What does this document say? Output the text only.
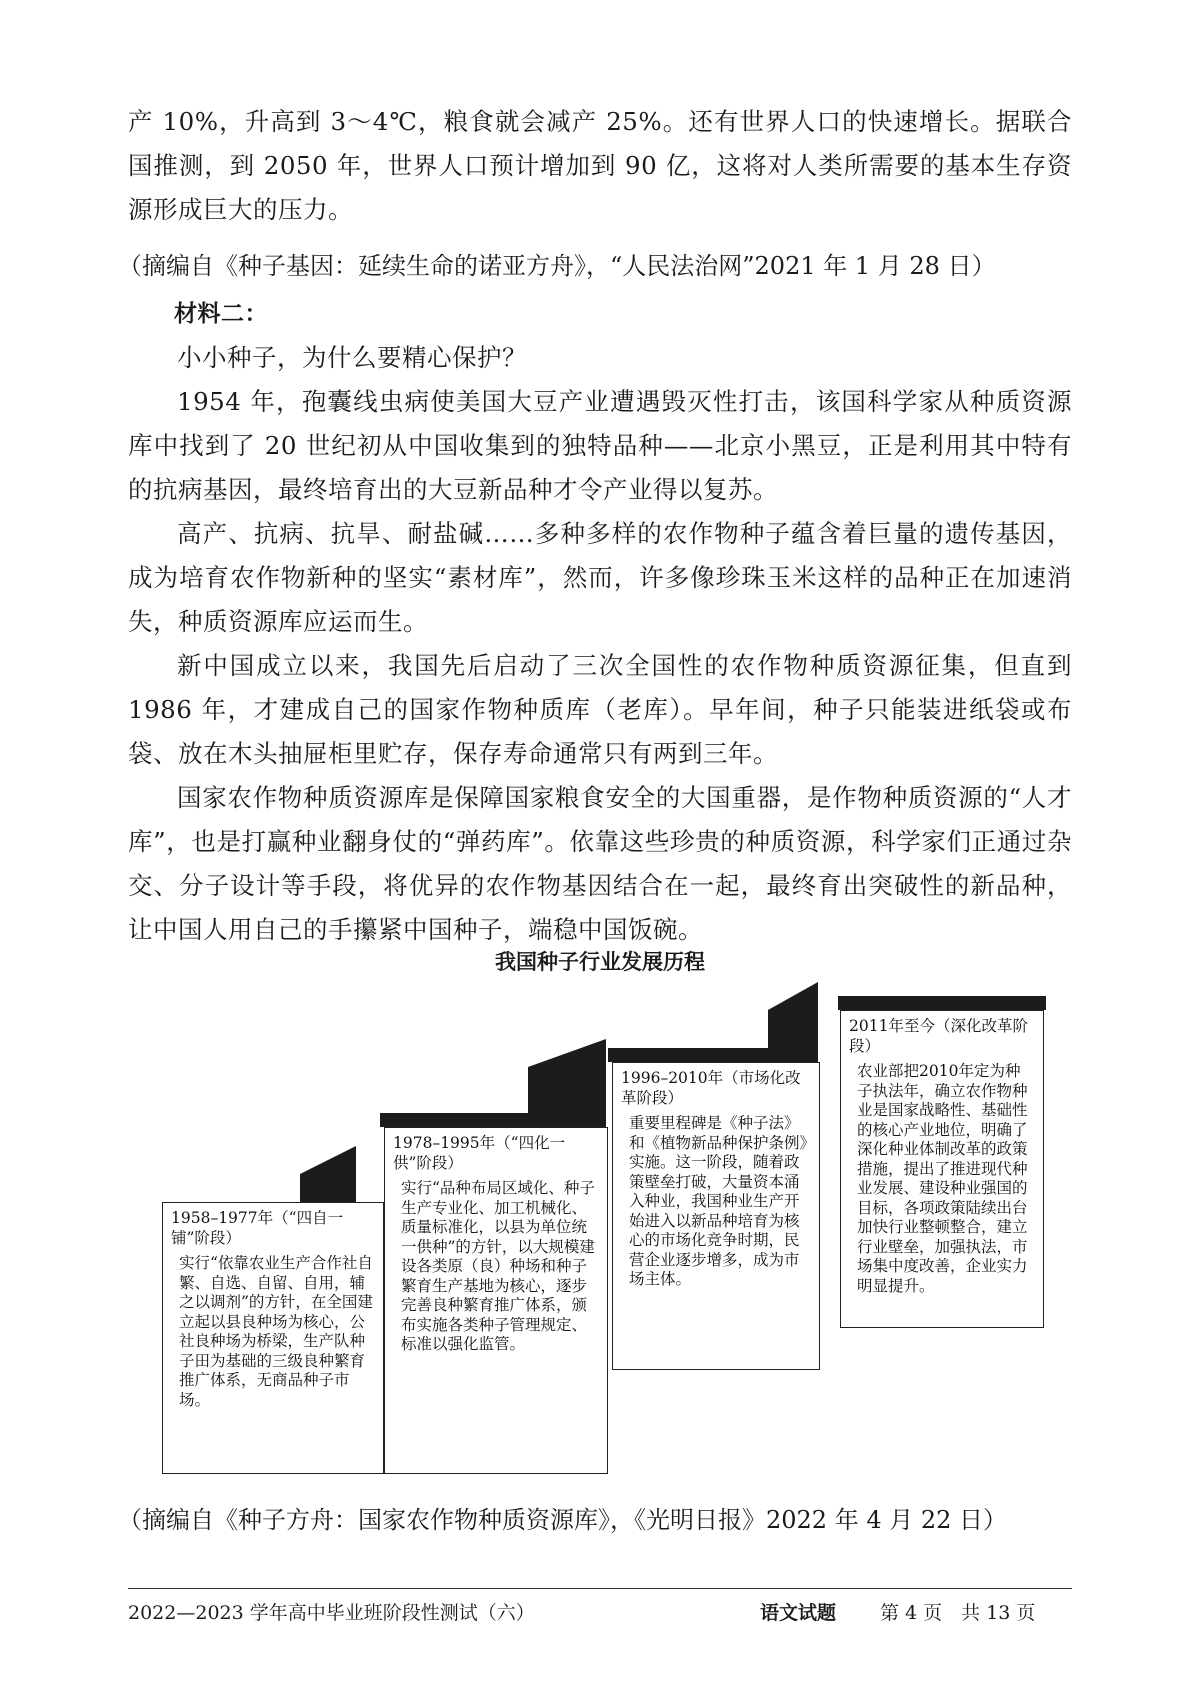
产 10%，升高到 3～4℃，粮食就会减产 25%。还有世界人口的快速增长。据联合国推测，到 2050 年，世界人口预计增加到 90 亿，这将对人类所需要的基本生存资源形成巨大的压力。

（摘编自《种子基因：延续生命的诺亚方舟》，“人民法治网”2021 年 1 月 28 日）

材料二：

小小种子，为什么要精心保护？

1954 年，孢囊线虫病使美国大豆产业遭遇毁灭性打击，该国科学家从种质资源库中找到了 20 世纪初从中国收集到的独特品种——北京小黑豆，正是利用其中特有的抗病基因，最终培育出的大豆新品种才令产业得以复苏。

高产、抗病、抗旱、耐盐碱……多种多样的农作物种子蕴含着巨量的遗传基因，成为培育农作物新种的坚实“素材库”，然而，许多像珍珠玉米这样的品种正在加速消失，种质资源库应运而生。

新中国成立以来，我国先后启动了三次全国性的农作物种质资源征集，但直到 1986 年，才建成自己的国家作物种质库（老库）。早年间，种子只能装进纸袋或布袋、放在木头抽屉柜里贮存，保存寿命通常只有两到三年。

国家农作物种质资源库是保障国家粮食安全的大国重器，是作物种质资源的“人才库”，也是打赢种业翻身仗的“弹药库”。依靠这些珍贵的种质资源，科学家们正通过杂交、分子设计等手段，将优异的农作物基因结合在一起，最终育出突破性的新品种，让中国人用自己的手攥紧中国种子，端稳中国饭碗。

我国种子行业发展历程
1958–1977年（“四自一铺”阶段）
实行“依靠农业生产合作社自繁、自选、自留、自用，辅之以调剂”的方针，在全国建立起以县良种场为核心，公社良种场为桥梁，生产队种子田为基础的三级良种繁育推广体系，无商品种子市场。
1978–1995年（“四化一供”阶段）
实行“品种布局区域化、种子生产专业化、加工机械化、质量标准化，以县为单位统一供种”的方针，以大规模建设各类原（良）种场和种子繁育生产基地为核心，逐步完善良种繁育推广体系，颁布实施各类种子管理规定、标准以强化监管。
1996–2010年（市场化改革阶段）
重要里程碑是《种子法》和《植物新品种保护条例》实施。这一阶段，随着政策壁垒打破，大量资本涌入种业，我国种业生产开始进入以新品种培育为核心的市场化竞争时期，民营企业逐步增多，成为市场主体。
2011年至今（深化改革阶段）
农业部把2010年定为种子执法年，确立农作物种业是国家战略性、基础性的核心产业地位，明确了深化种业体制改革的政策措施，提出了推进现代种业发展、建设种业强国的目标，各项政策陆续出台加快行业整顿整合，建立行业壁垒，加强执法，市场集中度改善，企业实力明显提升。
（摘编自《种子方舟：国家农作物种质资源库》，《光明日报》2022 年 4 月 22 日）
2022—2023 学年高中毕业班阶段性测试（六）	语文试题 第 4 页　共 13 页
